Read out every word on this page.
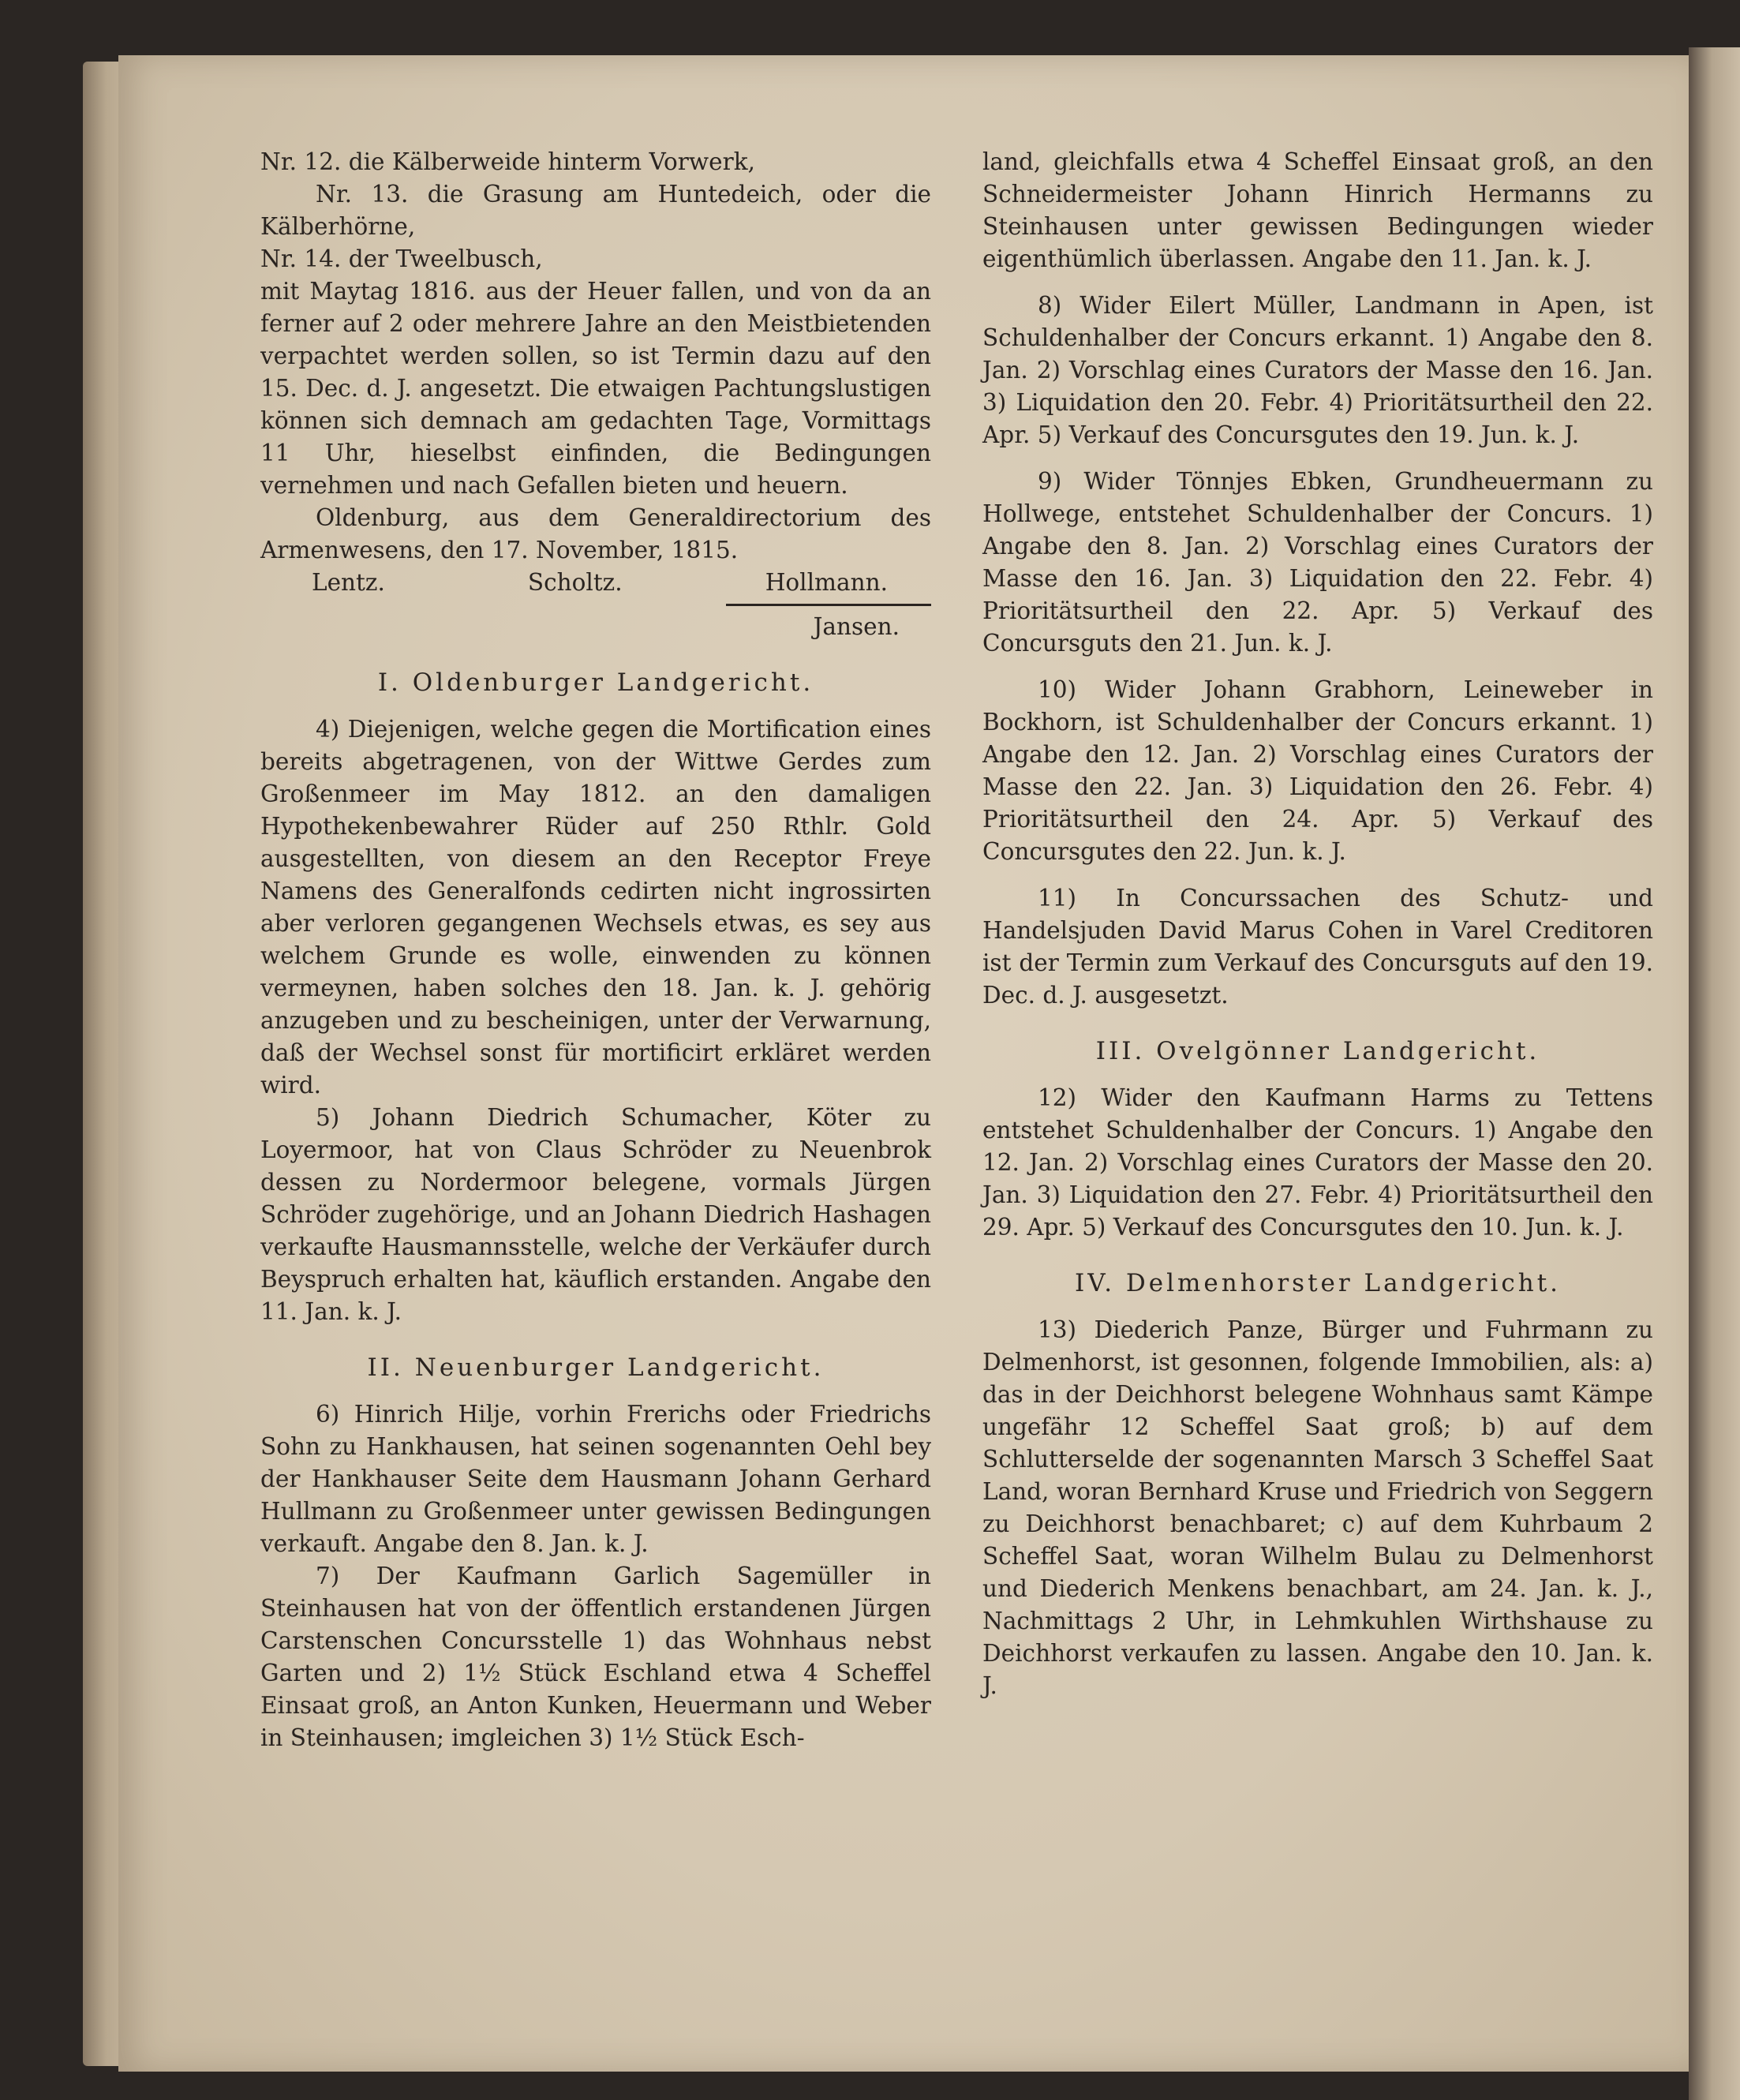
Nr. 12. die Kälberweide hinterm Vorwerk,

Nr. 13. die Grasung am Huntedeich, oder die Kälberhörne,

Nr. 14. der Tweelbusch,

mit Maytag 1816. aus der Heuer fallen, und von da an ferner auf 2 oder mehrere Jahre an den Meistbietenden verpachtet werden sollen, so ist Termin dazu auf den 15. Dec. d. J. angesetzt. Die etwaigen Pachtungslustigen können sich demnach am gedachten Tage, Vormittags 11 Uhr, hieselbst einfinden, die Bedingungen vernehmen und nach Gefallen bieten und heuern.

Oldenburg, aus dem Generaldirectorium des Armenwesens, den 17. November, 1815.

Lentz.	Scholtz.	Hollmann.

Jansen.

I. Oldenburger Landgericht.

4) Diejenigen, welche gegen die Mortification eines bereits abgetragenen, von der Wittwe Gerdes zum Großenmeer im May 1812. an den damaligen Hypothekenbewahrer Rüder auf 250 Rthlr. Gold ausgestellten, von diesem an den Receptor Freye Namens des Generalfonds cedirten nicht ingrossirten aber verloren gegangenen Wechsels etwas, es sey aus welchem Grunde es wolle, einwenden zu können vermeynen, haben solches den 18. Jan. k. J. gehörig anzugeben und zu bescheinigen, unter der Verwarnung, daß der Wechsel sonst für mortificirt erkläret werden wird.

5) Johann Diedrich Schumacher, Köter zu Loyermoor, hat von Claus Schröder zu Neuenbrok dessen zu Nordermoor belegene, vormals Jürgen Schröder zugehörige, und an Johann Diedrich Hashagen verkaufte Hausmannsstelle, welche der Verkäufer durch Beyspruch erhalten hat, käuflich erstanden. Angabe den 11. Jan. k. J.

II. Neuenburger Landgericht.

6) Hinrich Hilje, vorhin Frerichs oder Friedrichs Sohn zu Hankhausen, hat seinen sogenannten Oehl bey der Hankhauser Seite dem Hausmann Johann Gerhard Hullmann zu Großenmeer unter gewissen Bedingungen verkauft. Angabe den 8. Jan. k. J.

7) Der Kaufmann Garlich Sagemüller in Steinhausen hat von der öffentlich erstandenen Jürgen Carstenschen Concursstelle 1) das Wohnhaus nebst Garten und 2) 1½ Stück Eschland etwa 4 Scheffel Einsaat groß, an Anton Kunken, Heuermann und Weber in Steinhausen; imgleichen 3) 1½ Stück Esch-

land, gleichfalls etwa 4 Scheffel Einsaat groß, an den Schneidermeister Johann Hinrich Hermanns zu Steinhausen unter gewissen Bedingungen wieder eigenthümlich überlassen. Angabe den 11. Jan. k. J.

8) Wider Eilert Müller, Landmann in Apen, ist Schuldenhalber der Concurs erkannt. 1) Angabe den 8. Jan. 2) Vorschlag eines Curators der Masse den 16. Jan. 3) Liquidation den 20. Febr. 4) Prioritätsurtheil den 22. Apr. 5) Verkauf des Concursgutes den 19. Jun. k. J.

9) Wider Tönnjes Ebken, Grundheuermann zu Hollwege, entstehet Schuldenhalber der Concurs. 1) Angabe den 8. Jan. 2) Vorschlag eines Curators der Masse den 16. Jan. 3) Liquidation den 22. Febr. 4) Prioritätsurtheil den 22. Apr. 5) Verkauf des Concursguts den 21. Jun. k. J.

10) Wider Johann Grabhorn, Leineweber in Bockhorn, ist Schuldenhalber der Concurs erkannt. 1) Angabe den 12. Jan. 2) Vorschlag eines Curators der Masse den 22. Jan. 3) Liquidation den 26. Febr. 4) Prioritätsurtheil den 24. Apr. 5) Verkauf des Concursgutes den 22. Jun. k. J.

11) In Concurssachen des Schutz- und Handelsjuden David Marus Cohen in Varel Creditoren ist der Termin zum Verkauf des Concursguts auf den 19. Dec. d. J. ausgesetzt.

III. Ovelgönner Landgericht.

12) Wider den Kaufmann Harms zu Tettens entstehet Schuldenhalber der Concurs. 1) Angabe den 12. Jan. 2) Vorschlag eines Curators der Masse den 20. Jan. 3) Liquidation den 27. Febr. 4) Prioritätsurtheil den 29. Apr. 5) Verkauf des Concursgutes den 10. Jun. k. J.

IV. Delmenhorster Landgericht.

13) Diederich Panze, Bürger und Fuhrmann zu Delmenhorst, ist gesonnen, folgende Immobilien, als: a) das in der Deichhorst belegene Wohnhaus samt Kämpe ungefähr 12 Scheffel Saat groß; b) auf dem Schlutterselde der sogenannten Marsch 3 Scheffel Saat Land, woran Bernhard Kruse und Friedrich von Seggern zu Deichhorst benachbaret; c) auf dem Kuhrbaum 2 Scheffel Saat, woran Wilhelm Bulau zu Delmenhorst und Diederich Menkens benachbart, am 24. Jan. k. J., Nachmittags 2 Uhr, in Lehmkuhlen Wirthshause zu Deichhorst verkaufen zu lassen. Angabe den 10. Jan. k. J.
